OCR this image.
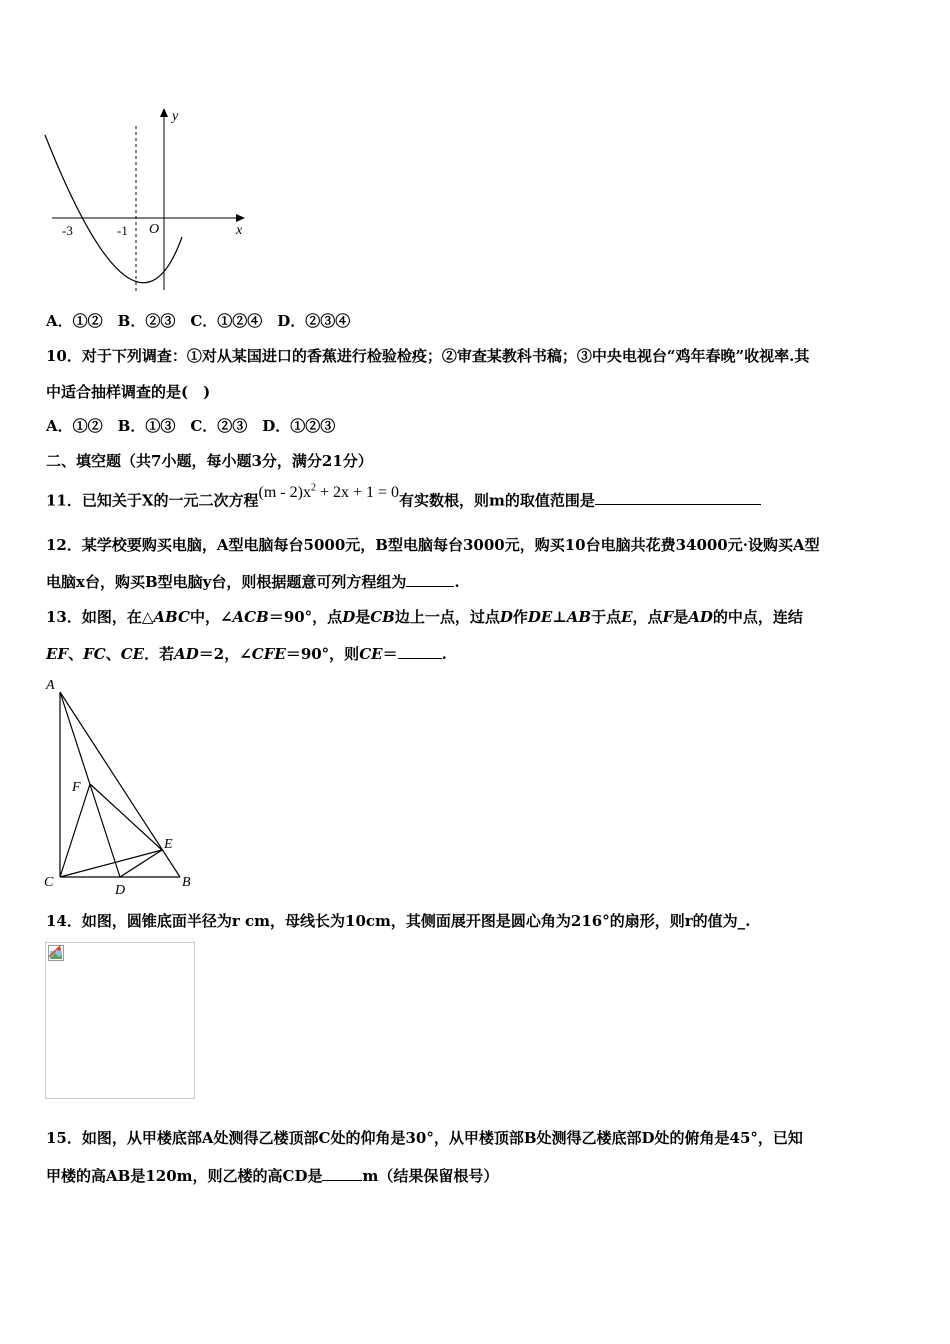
x
y
O
-3	-1
A．①②　B．②③　C．①②④　D．②③④
10．对于下列调查：①对从某国进口的香蕉进行检验检疫；②审查某教科书稿；③中央电视台“鸡年春晚”收视率.其
中适合抽样调查的是(　)
A．①②　B．①③　C．②③　D．①②③
二、填空题（共7小题，每小题3分，满分21分）
11．已知关于X的一元二次方程$(m - 2)x^2 + 2x + 1 = 0$有实数根，则m的取值范围是
12．某学校要购买电脑，A型电脑每台5000元，B型电脑每台3000元，购买10台电脑共花费34000元·设购买A型
电脑x台，购买B型电脑y台，则根据题意可列方程组为	.
13．如图，在△ABC中，∠ACB＝90°，点D是CB边上一点，过点D作DE⊥AB于点E，点F是AD的中点，连结
EF、FC、CE．若AD＝2，∠CFE＝90°，则CE＝	.
A
F
E
C
D
B
14．如图，圆锥底面半径为r cm，母线长为10cm，其侧面展开图是圆心角为216°的扇形，则r的值为_.
15．如图，从甲楼底部A处测得乙楼顶部C处的仰角是30°，从甲楼顶部B处测得乙楼底部D处的俯角是45°，已知
甲楼的高AB是120m，则乙楼的高CD是	m（结果保留根号）
